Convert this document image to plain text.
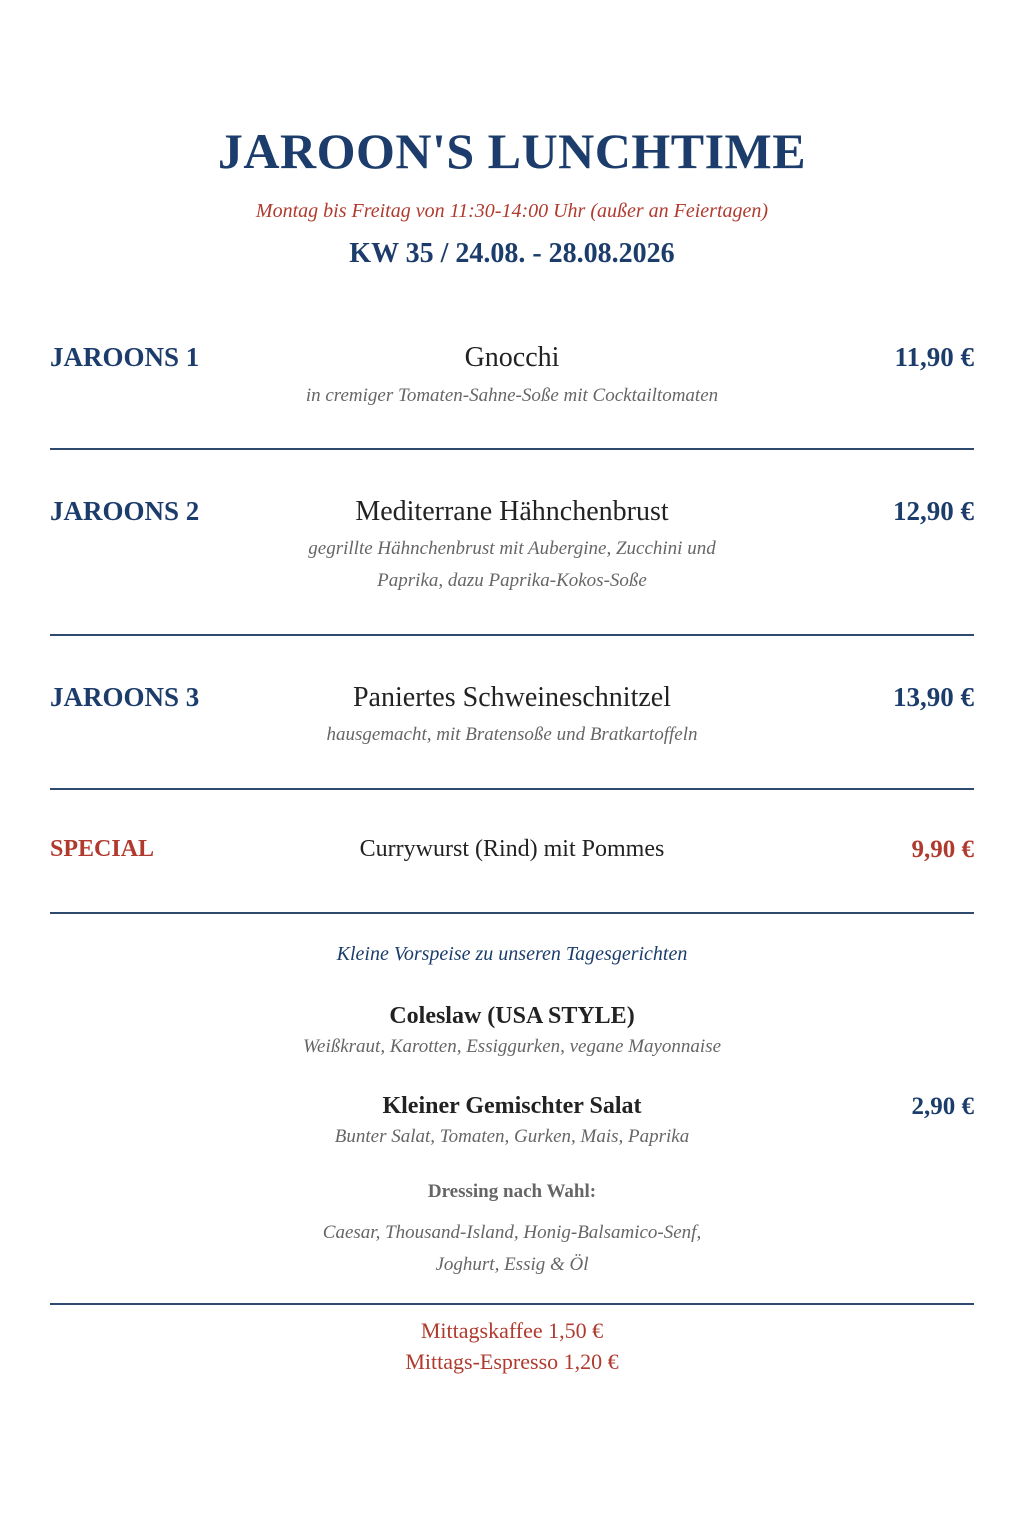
JAROON'S LUNCHTIME
Montag bis Freitag von 11:30-14:00 Uhr (außer an Feiertagen)
KW 35 / 24.08. - 28.08.2026
JAROONS 1	Gnocchi	11,90 €
in cremiger Tomaten-Sahne-Soße mit Cocktailtomaten
JAROONS 2	Mediterrane Hähnchenbrust	12,90 €
gegrillte Hähnchenbrust mit Aubergine, Zucchini und
Paprika, dazu Paprika-Kokos-Soße
JAROONS 3	Paniertes Schweineschnitzel	13,90 €
hausgemacht, mit Bratensoße und Bratkartoffeln
SPECIAL	Currywurst (Rind) mit Pommes	9,90 €
Kleine Vorspeise zu unseren Tagesgerichten
Coleslaw (USA STYLE)
Weißkraut, Karotten, Essiggurken, vegane Mayonnaise
Kleiner Gemischter Salat
Bunter Salat, Tomaten, Gurken, Mais, Paprika
2,90 €
Dressing nach Wahl:
Caesar, Thousand-Island, Honig-Balsamico-Senf,
Joghurt, Essig & Öl
Mittagskaffee 1,50 €
Mittags-Espresso 1,20 €
